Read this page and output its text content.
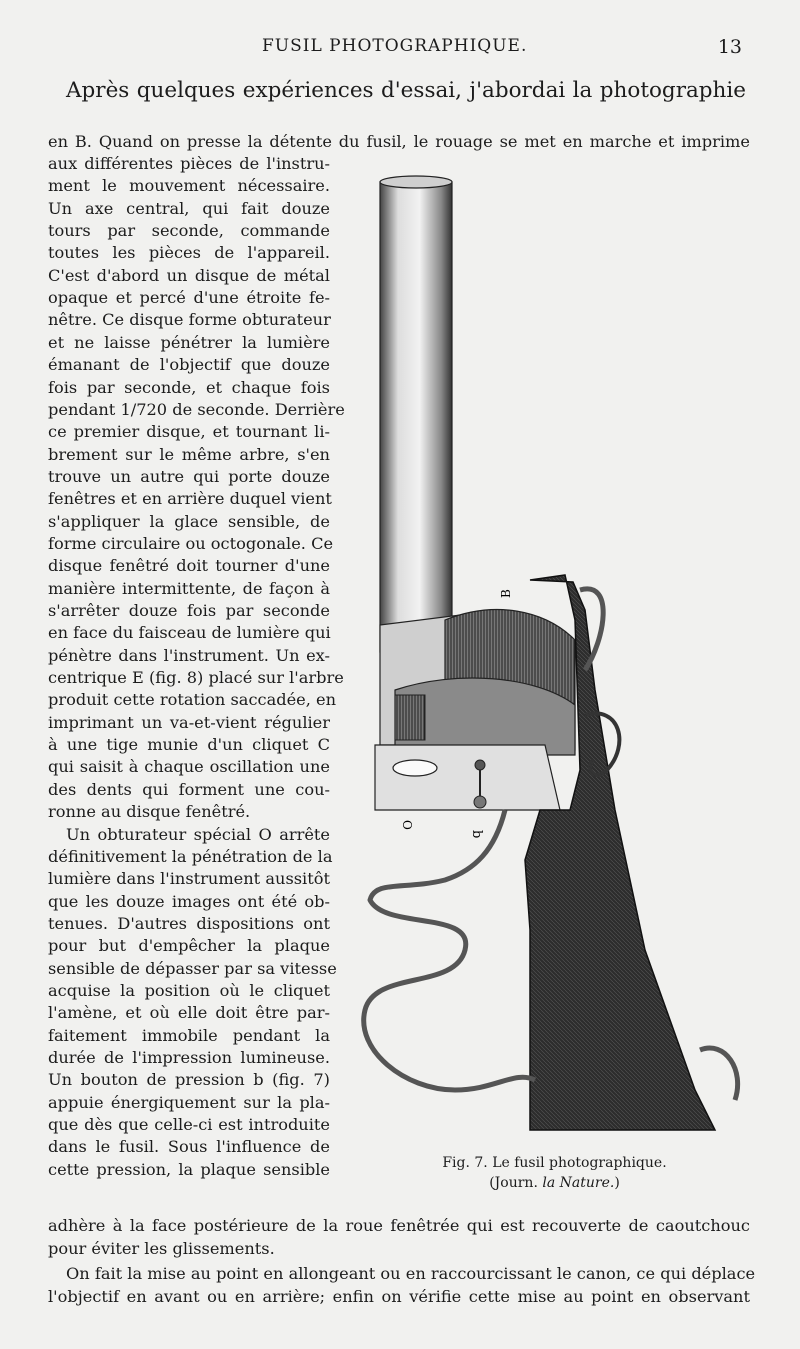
FUSIL PHOTOGRAPHIQUE.	13
Après quelques expériences d'essai, j'abordai la photographie
en B. Quand on presse la détente du fusil, le rouage se met en marche et imprime
aux différentes pièces de l'instru-
ment le mouvement nécessaire.
Un axe central, qui fait douze
tours par seconde, commande
toutes les pièces de l'appareil.
C'est d'abord un disque de métal
opaque et percé d'une étroite fe-
nêtre. Ce disque forme obturateur
et ne laisse pénétrer la lumière
émanant de l'objectif que douze
fois par seconde, et chaque fois
pendant 1/720 de seconde. Derrière
ce premier disque, et tournant li-
brement sur le même arbre, s'en
trouve un autre qui porte douze
fenêtres et en arrière duquel vient
s'appliquer la glace sensible, de
forme circulaire ou octogonale. Ce
disque fenêtré doit tourner d'une
manière intermittente, de façon à
s'arrêter douze fois par seconde
en face du faisceau de lumière qui
pénètre dans l'instrument. Un ex-
centrique E (fig. 8) placé sur l'arbre
produit cette rotation saccadée, en
imprimant un va-et-vient régulier
à une tige munie d'un cliquet C
qui saisit à chaque oscillation une
des dents qui forment une cou-
ronne au disque fenêtré.
Un obturateur spécial O arrête
définitivement la pénétration de la
lumière dans l'instrument aussitôt
que les douze images ont été ob-
tenues. D'autres dispositions ont
pour but d'empêcher la plaque
sensible de dépasser par sa vitesse
acquise la position où le cliquet
l'amène, et où elle doit être par-
faitement immobile pendant la
durée de l'impression lumineuse.
Un bouton de pression b (fig. 7)
appuie énergiquement sur la pla-
que dès que celle-ci est introduite
dans le fusil. Sous l'influence de
cette pression, la plaque sensible
adhère à la face postérieure de la roue fenêtrée qui est recouverte de caoutchouc
pour éviter les glissements.
On fait la mise au point en allongeant ou en raccourcissant le canon, ce qui déplace
l'objectif en avant ou en arrière; enfin on vérifie cette mise au point en observant
B
O
b
Fig. 7. Le fusil photographique.
(Journ. la Nature.)
